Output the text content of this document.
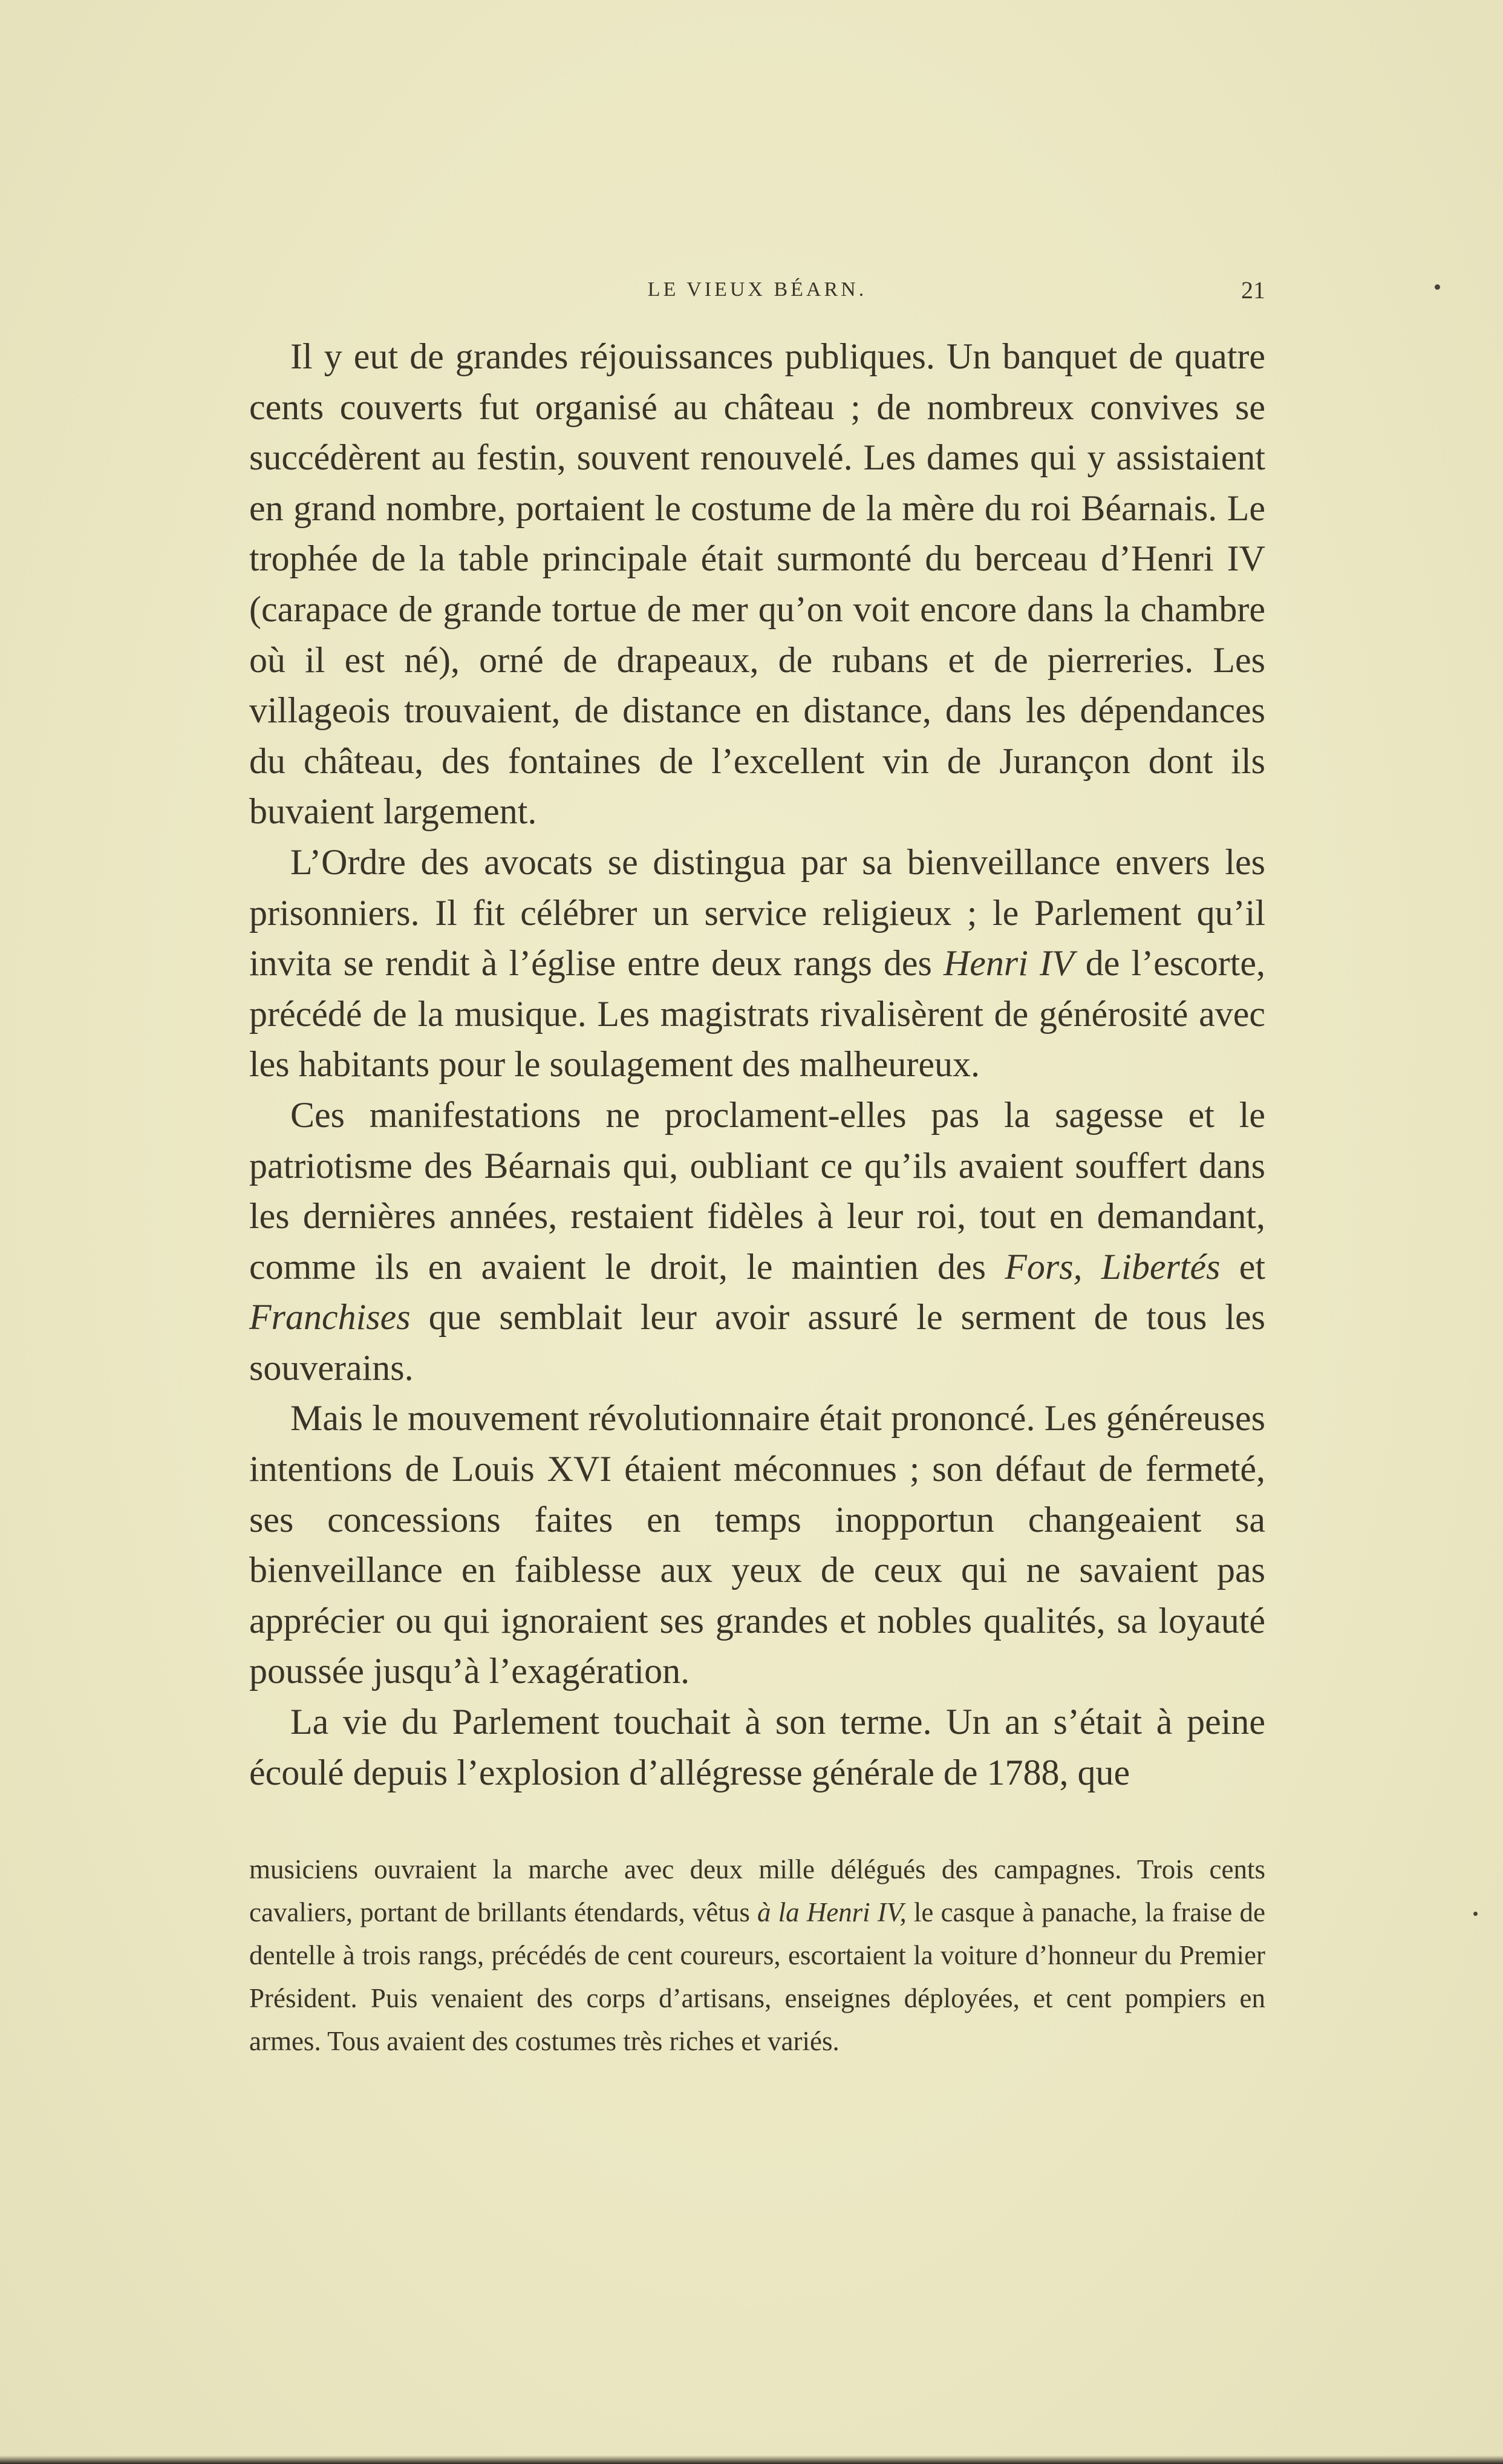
LE VIEUX BÉARN.	21

Il y eut de grandes réjouissances publiques. Un banquet de quatre cents couverts fut organisé au château ; de nombreux convives se succédèrent au festin, souvent renouvelé. Les dames qui y assistaient en grand nombre, portaient le costume de la mère du roi Béarnais. Le trophée de la table principale était surmonté du berceau d’Henri IV (carapace de grande tortue de mer qu’on voit encore dans la chambre où il est né), orné de drapeaux, de rubans et de pierreries. Les villageois trouvaient, de distance en distance, dans les dépendances du château, des fontaines de l’excellent vin de Jurançon dont ils buvaient largement.

L’Ordre des avocats se distingua par sa bienveillance envers les prisonniers. Il fit célébrer un service religieux ; le Parlement qu’il invita se rendit à l’église entre deux rangs des Henri IV de l’escorte, précédé de la musique. Les magistrats rivalisèrent de générosité avec les habitants pour le soulagement des malheureux.

Ces manifestations ne proclament-elles pas la sagesse et le patriotisme des Béarnais qui, oubliant ce qu’ils avaient souffert dans les dernières années, restaient fidèles à leur roi, tout en demandant, comme ils en avaient le droit, le maintien des Fors, Libertés et Franchises que semblait leur avoir assuré le serment de tous les souverains.

Mais le mouvement révolutionnaire était prononcé. Les généreuses intentions de Louis XVI étaient méconnues ; son défaut de fermeté, ses concessions faites en temps inopportun changeaient sa bienveillance en faiblesse aux yeux de ceux qui ne savaient pas apprécier ou qui ignoraient ses grandes et nobles qualités, sa loyauté poussée jusqu’à l’exagération.

La vie du Parlement touchait à son terme. Un an s’était à peine écoulé depuis l’explosion d’allégresse générale de 1788, que

musiciens ouvraient la marche avec deux mille délégués des campagnes. Trois cents cavaliers, portant de brillants étendards, vêtus à la Henri IV, le casque à panache, la fraise de dentelle à trois rangs, précédés de cent coureurs, escortaient la voiture d’honneur du Premier Président. Puis venaient des corps d’artisans, enseignes déployées, et cent pompiers en armes. Tous avaient des costumes très riches et variés.
